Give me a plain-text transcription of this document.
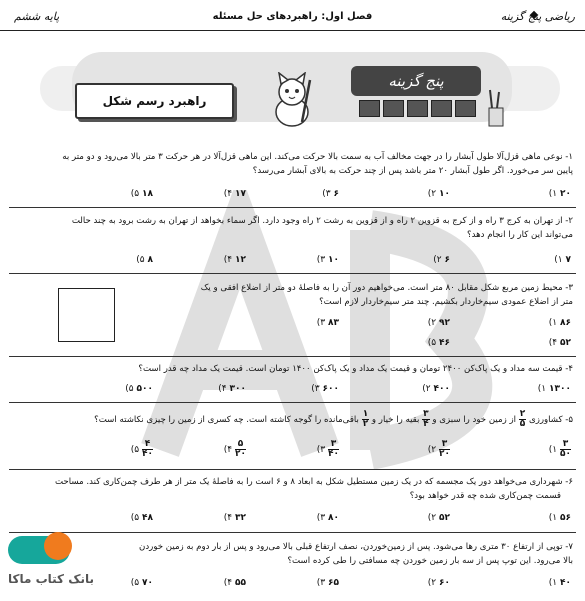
پایه ششم	فصل اول: راهبردهای حل مسئله	ریاضی پنج گزینه
راهبرد رسم شکل
پنج گزینه

۱- نوعی ماهی قزل‌آلا طول آبشار را در جهت مخالف آب به سمت بالا حرکت می‌کند. این ماهی قزل‌آلا در هر حرکت ۳ متر بالا می‌رود و دو متر به

پایین سر می‌خورد. اگر طول آبشار ۲۰ متر باشد پس از چند حرکت به بالای آبشار می‌رسد؟

۲۰ ۱)
۱۰ ۲)
۶ ۳)
۱۷ ۴)
۱۸ ۵)

۲- از تهران به کرج ۳ راه و از کرج به قزوین ۲ راه و از قزوین به رشت ۲ راه وجود دارد. اگر سماء بخواهد از تهران به رشت برود به چند حالت

می‌تواند این کار را انجام دهد؟

۷ ۱)
۶ ۲)
۱۰ ۳)
۱۲ ۴)
۸ ۵)

۳- محیط زمین مربع شکل مقابل ۸۰ متر است. می‌خواهیم دور آن را به فاصلهٔ دو متر از اضلاع افقی و یک

متر از اضلاع عمودی سیم‌خاردار بکشیم. چند متر سیم‌خاردار لازم است؟

۸۶ ۱)
۹۲ ۲)
۸۳ ۳)
۵۲ ۴)
۴۶ ۵)

۴- قیمت سه مداد و یک پاک‌کن ۲۴۰۰ تومان و قیمت یک مداد و یک پاک‌کن ۱۴۰۰ تومان است. قیمت یک مداد چه قدر است؟

۱۳۰۰ ۱)
۴۰۰ ۲)
۶۰۰ ۳)
۳۰۰ ۴)
۵۰۰ ۵)

۵- کشاورزی
$\frac{۲}{۵}$
از زمین خود را سبزی و
$\frac{۳}{۴}$
بقیه را خیار و
$\frac{۱}{۲}$
باقی‌مانده را گوجه کاشته است. چه کسری از زمین را چیزی نکاشته است؟

$\frac{۳}{۵۰}$
۱)
$\frac{۳}{۲۰}$
۲)
$\frac{۳}{۴۰}$
۳)
$\frac{۵}{۲۰}$
۴)
$\frac{۴}{۴۰}$
۵)

۶- شهرداری می‌خواهد دور یک مجسمه که در یک زمین مستطیل شکل به ابعاد ۸ و ۶ است را به فاصلهٔ یک متر از هر طرف چمن‌کاری کند. مساحت

قسمت چمن‌کاری شده چه قدر خواهد بود؟

۵۶ ۱)
۵۲ ۲)
۸۰ ۳)
۳۲ ۴)
۴۸ ۵)

۷- توپی از ارتفاع ۳۰ متری رها می‌شود. پس از زمین‌خوردن، نصف ارتفاع قبلی بالا می‌رود و پس از بار دوم به زمین خوردن

بالا می‌رود. این توپ پس از سه بار زمین خوردن چه مسافتی را طی کرده است؟

۴۰ ۱)
۶۰ ۲)
۶۵ ۳)
۵۵ ۴)
۷۰ ۵)
بانک کتاب ماکا
